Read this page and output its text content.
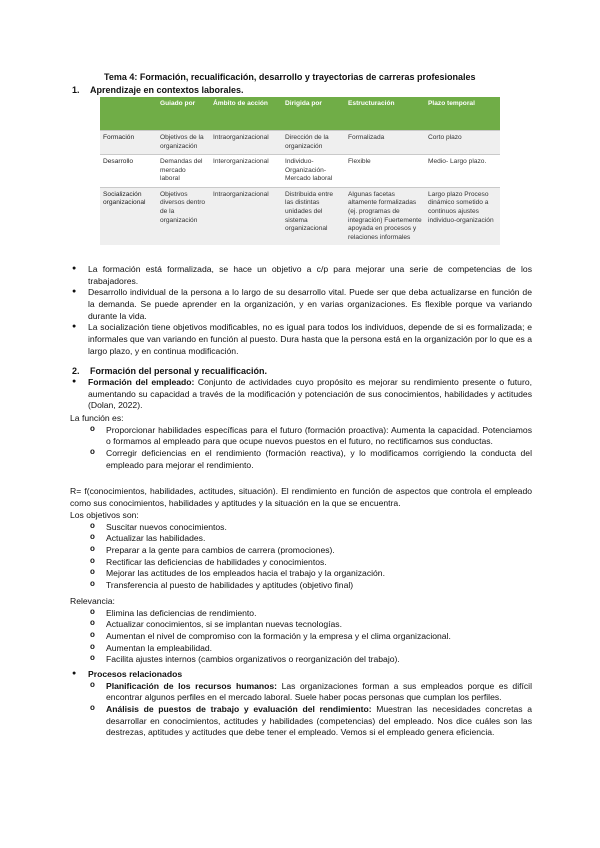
Tema 4: Formación, recualificación, desarrollo y trayectorias de carreras profesionales
1. Aprendizaje en contextos laborales.
	Guiado por	Ámbito de acción	Dirigida por	Estructuración	Plazo temporal
Formación	Objetivos de la organización	Intraorganizacional	Dirección de la organización	Formalizada	Corto plazo
Desarrollo	Demandas del mercado laboral	Interorganizacional	Individuo-Organización-Mercado laboral	Flexible	Medio- Largo plazo.
Socialización organizacional	Objetivos diversos dentro de la organización	Intraorganizacional	Distribuida entre las distintas unidades del sistema organizacional	Algunas facetas altamente formalizadas (ej. programas de integración) Fuertemente apoyada en procesos y relaciones informales	Largo plazo Proceso dinámico sometido a continuos ajustes individuo-organización
● La formación está formalizada, se hace un objetivo a c/p para mejorar una serie de competencias de los trabajadores.
● Desarrollo individual de la persona a lo largo de su desarrollo vital. Puede ser que deba actualizarse en función de la demanda. Se puede aprender en la organización, y en varias organizaciones. Es flexible porque va variando durante la vida.
● La socialización tiene objetivos modificables, no es igual para todos los individuos, depende de si es formalizada; e informales que van variando en función al puesto. Dura hasta que la persona está en la organización por lo que es a largo plazo, y en continua modificación.
2. Formación del personal y recualificación.
● Formación del empleado: Conjunto de actividades cuyo propósito es mejorar su rendimiento presente o futuro, aumentando su capacidad a través de la modificación y potenciación de sus conocimientos, habilidades y actitudes (Dolan, 2022).
La función es:
o Proporcionar habilidades específicas para el futuro (formación proactiva): Aumenta la capacidad. Potenciamos o formamos al empleado para que ocupe nuevos puestos en el futuro, no rectificamos sus conductas.
o Corregir deficiencias en el rendimiento (formación reactiva), y lo modificamos corrigiendo la conducta del empleado para mejorar el rendimiento.
R= f(conocimientos, habilidades, actitudes, situación). El rendimiento en función de aspectos que controla el empleado como sus conocimientos, habilidades y aptitudes y la situación en la que se encuentra.
Los objetivos son:
o Suscitar nuevos conocimientos.
o Actualizar las habilidades.
o Preparar a la gente para cambios de carrera (promociones).
o Rectificar las deficiencias de habilidades y conocimientos.
o Mejorar las actitudes de los empleados hacia el trabajo y la organización.
o Transferencia al puesto de habilidades y aptitudes (objetivo final)
Relevancia:
o Elimina las deficiencias de rendimiento.
o Actualizar conocimientos, si se implantan nuevas tecnologías.
o Aumentan el nivel de compromiso con la formación y la empresa y el clima organizacional.
o Aumentan la empleabilidad.
o Facilita ajustes internos (cambios organizativos o reorganización del trabajo).
● Procesos relacionados
o Planificación de los recursos humanos: Las organizaciones forman a sus empleados porque es difícil encontrar algunos perfiles en el mercado laboral. Suele haber pocas personas que cumplan los perfiles.
o Análisis de puestos de trabajo y evaluación del rendimiento: Muestran las necesidades concretas a desarrollar en conocimientos, actitudes y habilidades (competencias) del empleado. Nos dice cuáles son las destrezas, aptitudes y actitudes que debe tener el empleado. Vemos si el empleado genera eficiencia.
